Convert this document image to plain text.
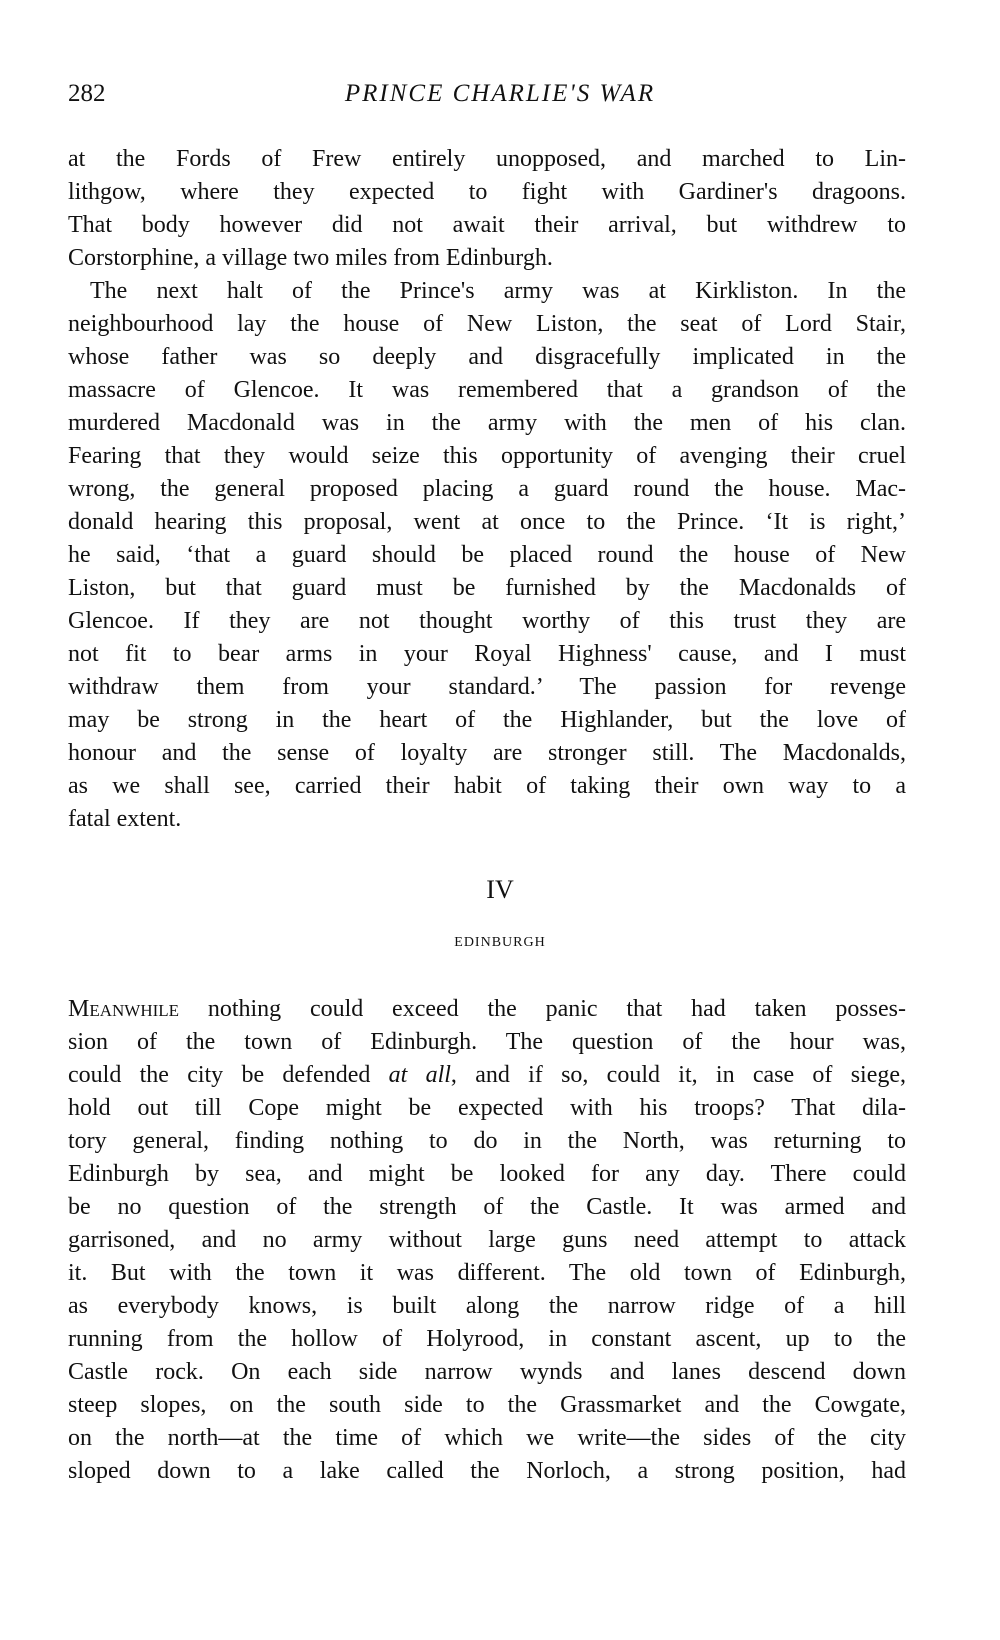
282	PRINCE CHARLIE'S WAR
at the Fords of Frew entirely unopposed, and marched to Lin-
lithgow, where they expected to fight with Gardiner's dragoons.
That body however did not await their arrival, but withdrew to
Corstorphine, a village two miles from Edinburgh.
The next halt of the Prince's army was at Kirkliston. In the
neighbourhood lay the house of New Liston, the seat of Lord Stair,
whose father was so deeply and disgracefully implicated in the
massacre of Glencoe. It was remembered that a grandson of the
murdered Macdonald was in the army with the men of his clan.
Fearing that they would seize this opportunity of avenging their cruel
wrong, the general proposed placing a guard round the house. Mac-
donald hearing this proposal, went at once to the Prince. ‘It is right,’
he said, ‘that a guard should be placed round the house of New
Liston, but that guard must be furnished by the Macdonalds of
Glencoe. If they are not thought worthy of this trust they are
not fit to bear arms in your Royal Highness' cause, and I must
withdraw them from your standard.’ The passion for revenge
may be strong in the heart of the Highlander, but the love of
honour and the sense of loyalty are stronger still. The Macdonalds,
as we shall see, carried their habit of taking their own way to a
fatal extent.
IV
EDINBURGH
Meanwhile nothing could exceed the panic that had taken posses-
sion of the town of Edinburgh. The question of the hour was,
could the city be defended at all, and if so, could it, in case of siege,
hold out till Cope might be expected with his troops? That dila-
tory general, finding nothing to do in the North, was returning to
Edinburgh by sea, and might be looked for any day. There could
be no question of the strength of the Castle. It was armed and
garrisoned, and no army without large guns need attempt to attack
it. But with the town it was different. The old town of Edinburgh,
as everybody knows, is built along the narrow ridge of a hill
running from the hollow of Holyrood, in constant ascent, up to the
Castle rock. On each side narrow wynds and lanes descend down
steep slopes, on the south side to the Grassmarket and the Cowgate,
on the north—at the time of which we write—the sides of the city
sloped down to a lake called the Norloch, a strong position, had
